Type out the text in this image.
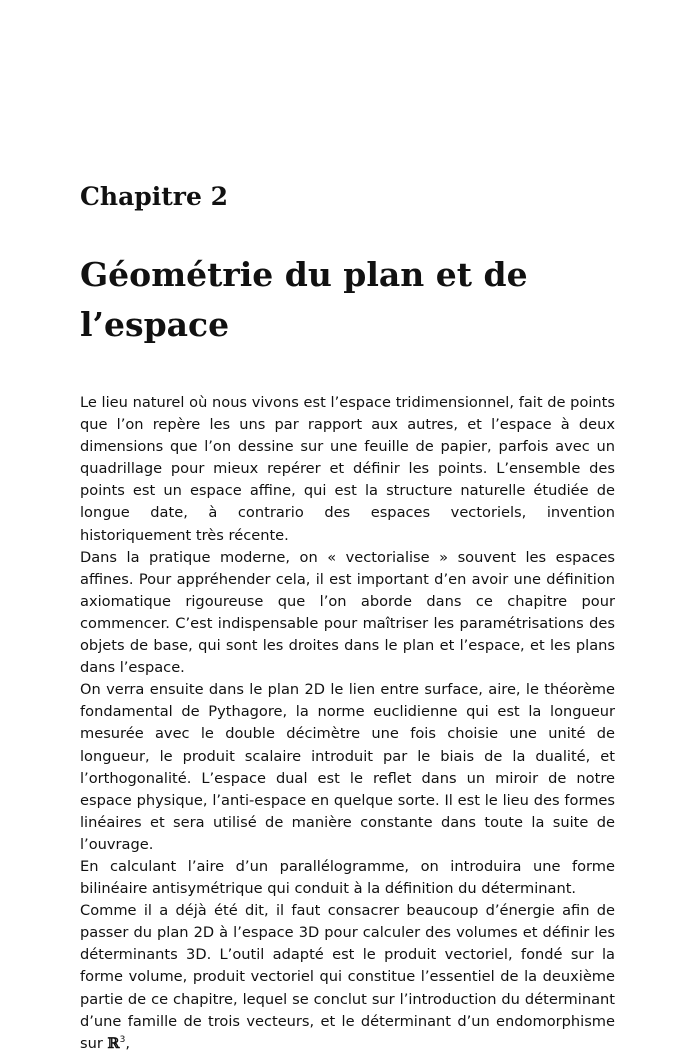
Chapitre 2
Géométrie du plan et de
l’espace

Le lieu naturel où nous vivons est l’espace tridimensionnel, fait de points que l’on repère les uns par rapport aux autres, et l’espace à deux dimensions que l’on dessine sur une feuille de papier, parfois avec un quadrillage pour mieux repérer et définir les points. L’ensemble des points est un espace affine, qui est la structure naturelle étudiée de longue date, à contrario des espaces vectoriels, invention historiquement très récente.

Dans la pratique moderne, on « vectorialise » souvent les espaces affines. Pour appréhender cela, il est important d’en avoir une définition axiomatique rigoureuse que l’on aborde dans ce chapitre pour commencer. C’est indispensable pour maîtriser les paramétrisations des objets de base, qui sont les droites dans le plan et l’espace, et les plans dans l’espace.

On verra ensuite dans le plan 2D le lien entre surface, aire, le théorème fondamental de Pythagore, la norme euclidienne qui est la longueur mesurée avec le double décimètre une fois choisie une unité de longueur, le produit scalaire introduit par le biais de la dualité, et l’orthogonalité. L’espace dual est le reflet dans un miroir de notre espace physique, l’anti-espace en quelque sorte. Il est le lieu des formes linéaires et sera utilisé de manière constante dans toute la suite de l’ouvrage.

En calculant l’aire d’un parallélogramme, on introduira une forme bilinéaire antisymétrique qui conduit à la définition du déterminant.

Comme il a déjà été dit, il faut consacrer beaucoup d’énergie afin de passer du plan 2D à l’espace 3D pour calculer des volumes et définir les déterminants 3D. L’outil adapté est le produit vectoriel, fondé sur la forme volume, produit vectoriel qui constitue l’essentiel de la deuxième partie de ce chapitre, lequel se conclut sur l’introduction du déterminant d’une famille de trois vecteurs, et le déterminant d’un endomorphisme sur ℝ$^3$,
